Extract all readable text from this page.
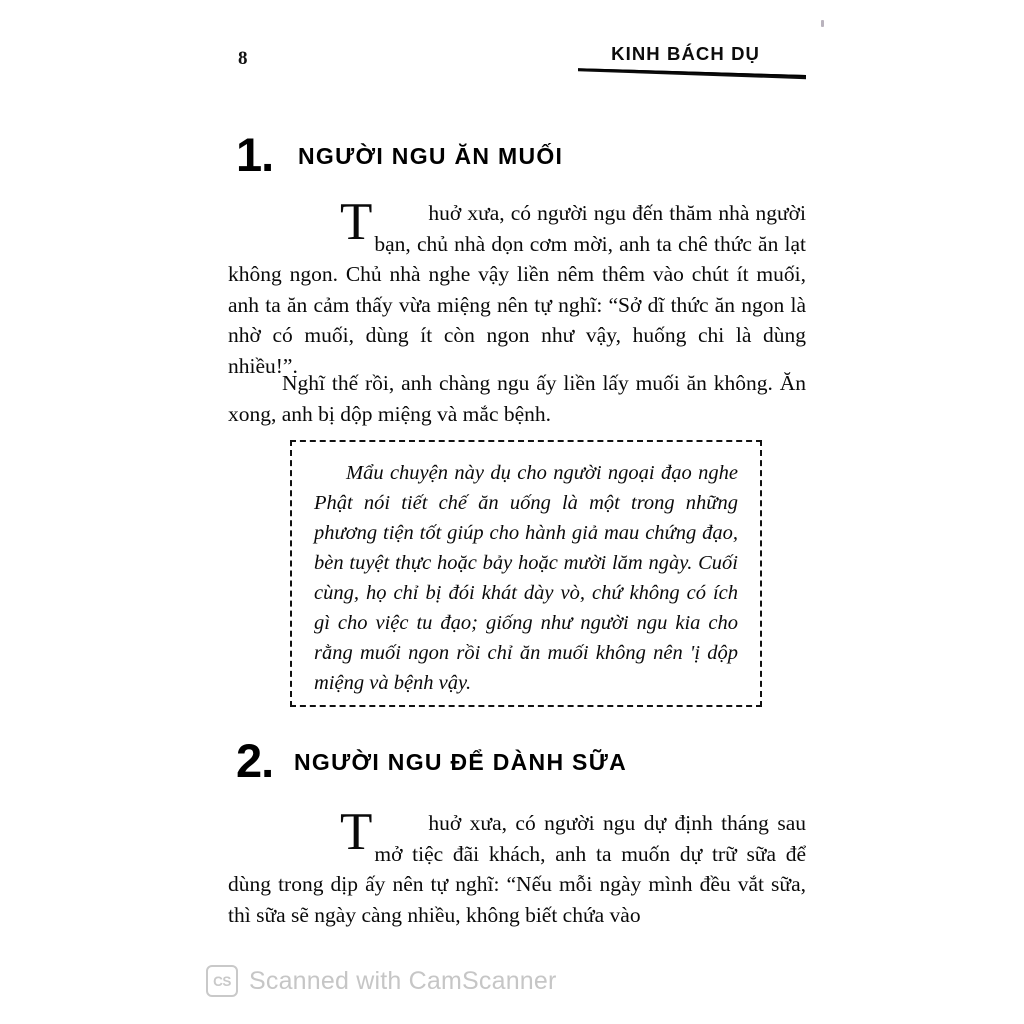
8	KINH BÁCH DỤ
1. NGƯỜI NGU ĂN MUỐI

T	huở xưa, có người ngu đến thăm nhà người bạn, chủ nhà dọn cơm mời, anh ta chê thức ăn lạt không ngon. Chủ nhà nghe vậy liền nêm thêm vào chút ít muối, anh ta ăn cảm thấy vừa miệng nên tự nghĩ: “Sở dĩ thức ăn ngon là nhờ có muối, dùng ít còn ngon như vậy, huống chi là dùng nhiều!”.

Nghĩ thế rồi, anh chàng ngu ấy liền lấy muối ăn không. Ăn xong, anh bị dộp miệng và mắc bệnh.

Mẩu chuyện này dụ cho người ngoại đạo nghe Phật nói tiết chế ăn uống là một trong những phương tiện tốt giúp cho hành giả mau chứng đạo, bèn tuyệt thực hoặc bảy hoặc mười lăm ngày. Cuối cùng, họ chỉ bị đói khát dày vò, chứ không có ích gì cho việc tu đạo; giống như người ngu kia cho rằng muối ngon rồi chỉ ăn muối không nên 'ị dộp miệng và bệnh vậy.
2. NGƯỜI NGU ĐỂ DÀNH SỮA

T	huở xưa, có người ngu dự định tháng sau mở tiệc đãi khách, anh ta muốn dự trữ sữa để dùng trong dịp ấy nên tự nghĩ: “Nếu mỗi ngày mình đều vắt sữa, thì sữa sẽ ngày càng nhiều, không biết chứa vào

CS Scanned with CamScanner
